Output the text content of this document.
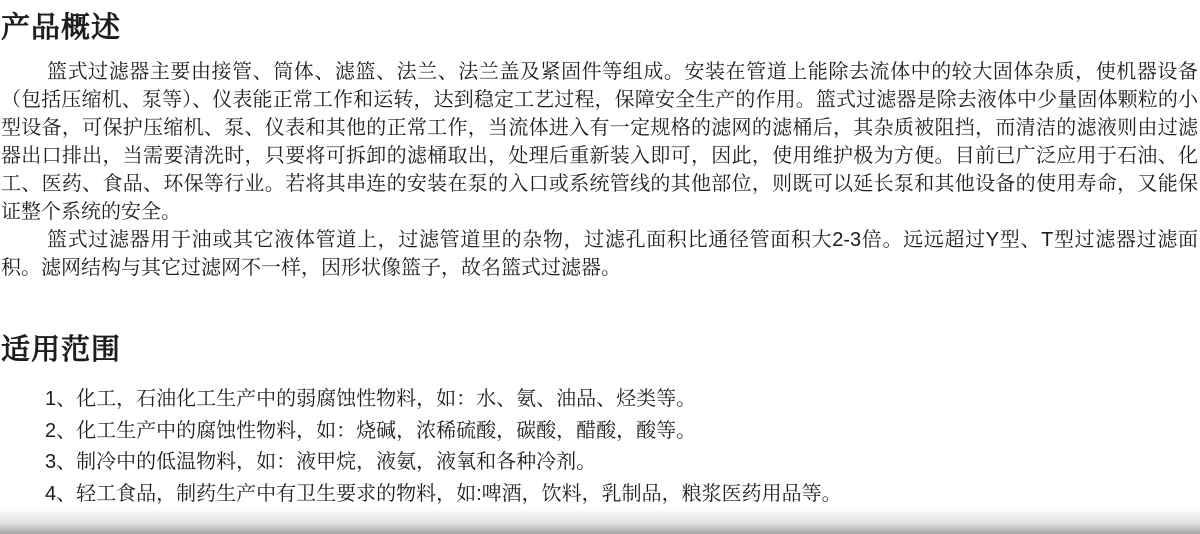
产品概述

篮式过滤器主要由接管、筒体、滤篮、法兰、法兰盖及紧固件等组成。安装在管道上能除去流体中的较大固体杂质，使机器设备（包括压缩机、泵等）、仪表能正常工作和运转，达到稳定工艺过程，保障安全生产的作用。篮式过滤器是除去液体中少量固体颗粒的小型设备，可保护压缩机、泵、仪表和其他的正常工作，当流体进入有一定规格的滤网的滤桶后，其杂质被阻挡，而清洁的滤液则由过滤器出口排出，当需要清洗时，只要将可拆卸的滤桶取出，处理后重新装入即可，因此，使用维护极为方便。目前已广泛应用于石油、化工、医药、食品、环保等行业。若将其串连的安装在泵的入口或系统管线的其他部位，则既可以延长泵和其他设备的使用寿命，又能保证整个系统的安全。

篮式过滤器用于油或其它液体管道上，过滤管道里的杂物，过滤孔面积比通径管面积大2-3倍。远远超过Y型、T型过滤器过滤面积。滤网结构与其它过滤网不一样，因形状像篮子，故名篮式过滤器。

适用范围
1、化工，石油化工生产中的弱腐蚀性物料，如：水、氨、油品、烃类等。
2、化工生产中的腐蚀性物料，如：烧碱，浓稀硫酸，碳酸，醋酸，酸等。
3、制冷中的低温物料，如：液甲烷，液氨，液氧和各种冷剂。
4、轻工食品，制药生产中有卫生要求的物料，如:啤酒，饮料，乳制品，粮浆医药用品等。
